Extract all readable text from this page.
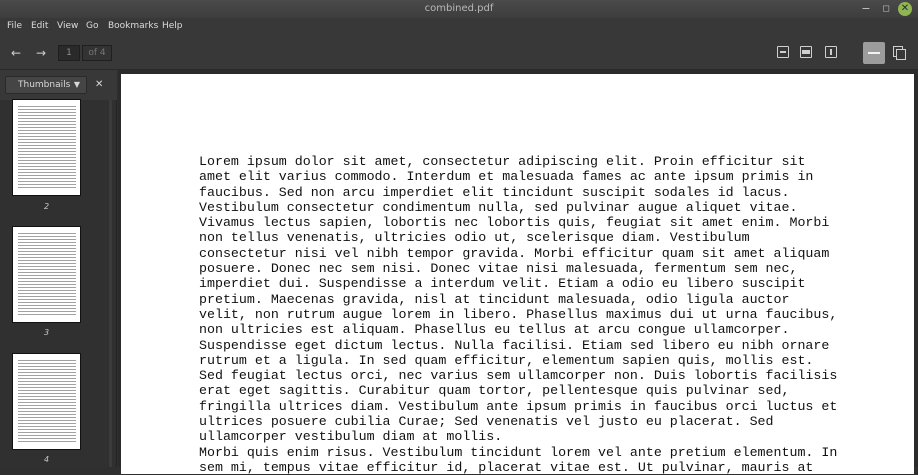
combined.pdf	−	◻	✕
File Edit View Go Bookmarks Help
← →	1	of 4
Thumbnails ▼ ✕
2
3
4
Lorem ipsum dolor sit amet, consectetur adipiscing elit. Proin efficitur sit
amet elit varius commodo. Interdum et malesuada fames ac ante ipsum primis in
faucibus. Sed non arcu imperdiet elit tincidunt suscipit sodales id lacus.
Vestibulum consectetur condimentum nulla, sed pulvinar augue aliquet vitae.
Vivamus lectus sapien, lobortis nec lobortis quis, feugiat sit amet enim. Morbi
non tellus venenatis, ultricies odio ut, scelerisque diam. Vestibulum
consectetur nisi vel nibh tempor gravida. Morbi efficitur quam sit amet aliquam
posuere. Donec nec sem nisi. Donec vitae nisi malesuada, fermentum sem nec,
imperdiet dui. Suspendisse a interdum velit. Etiam a odio eu libero suscipit
pretium. Maecenas gravida, nisl at tincidunt malesuada, odio ligula auctor
velit, non rutrum augue lorem in libero. Phasellus maximus dui ut urna faucibus,
non ultricies est aliquam. Phasellus eu tellus at arcu congue ullamcorper.
Suspendisse eget dictum lectus. Nulla facilisi. Etiam sed libero eu nibh ornare
rutrum et a ligula. In sed quam efficitur, elementum sapien quis, mollis est.
Sed feugiat lectus orci, nec varius sem ullamcorper non. Duis lobortis facilisis
erat eget sagittis. Curabitur quam tortor, pellentesque quis pulvinar sed,
fringilla ultrices diam. Vestibulum ante ipsum primis in faucibus orci luctus et
ultrices posuere cubilia Curae; Sed venenatis vel justo eu placerat. Sed
ullamcorper vestibulum diam at mollis.
Morbi quis enim risus. Vestibulum tincidunt lorem vel ante pretium elementum. In
sem mi, tempus vitae efficitur id, placerat vitae est. Ut pulvinar, mauris at
